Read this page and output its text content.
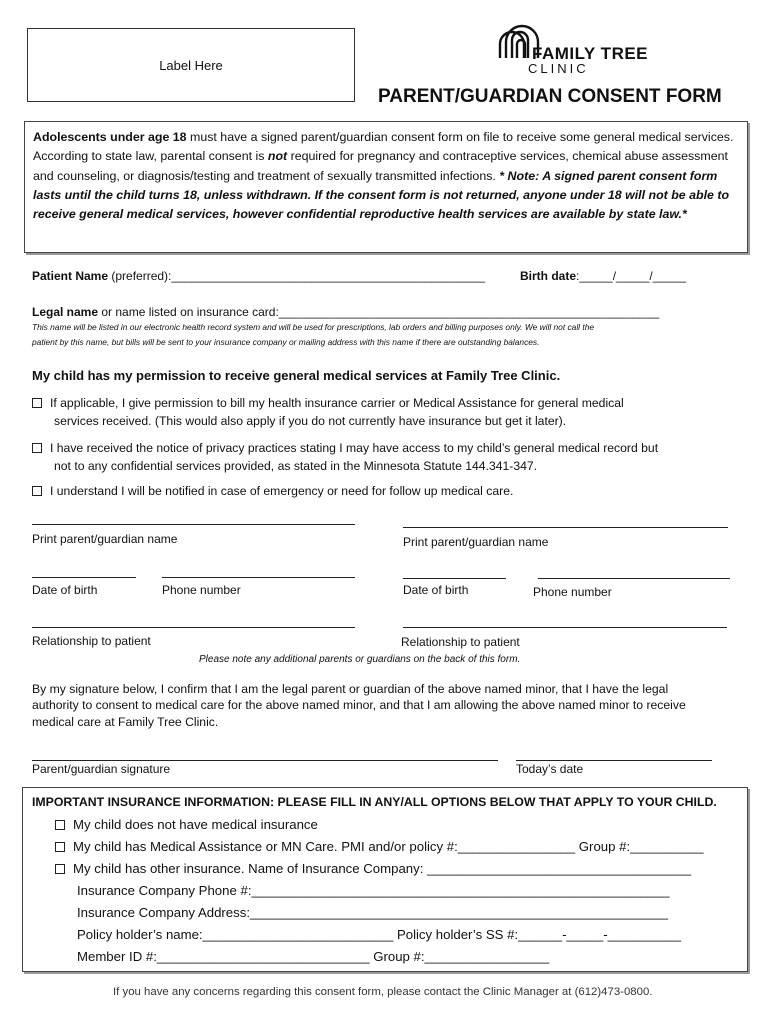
Label Here
FAMILY TREE
CLINIC
PARENT/GUARDIAN CONSENT FORM
Adolescents under age 18 must have a signed parent/guardian consent form on file to receive some general medical services. According to state law, parental consent is not required for pregnancy and contraceptive services, chemical abuse assessment and counseling, or diagnosis/testing and treatment of sexually transmitted infections. * Note: A signed parent consent form lasts until the child turns 18, unless withdrawn. If the consent form is not returned, anyone under 18 will not be able to receive general medical services, however confidential reproductive health services are available by state law.*
Patient Name (preferred):_______________________________________________	Birth date:_____/_____/_____
Legal name or name listed on insurance card:_________________________________________________________
This name will be listed in our electronic health record system and will be used for prescriptions, lab orders and billing purposes only. We will not call the
patient by this name, but bills will be sent to your insurance company or mailing address with this name if there are outstanding balances.
My child has my permission to receive general medical services at Family Tree Clinic.
If applicable, I give permission to bill my health insurance carrier or Medical Assistance for general medical
services received. (This would also apply if you do not currently have insurance but get it later).
I have received the notice of privacy practices stating I may have access to my child’s general medical record but
not to any confidential services provided, as stated in the Minnesota Statute 144.341-347.
I understand I will be notified in case of emergency or need for follow up medical care.
Print parent/guardian name
Date of birth	Phone number
Relationship to patient
Print parent/guardian name
Date of birth	Phone number
Relationship to patient
Please note any additional parents or guardians on the back of this form.
By my signature below, I confirm that I am the legal parent or guardian of the above named minor, that I have the legal
authority to consent to medical care for the above named minor, and that I am allowing the above named minor to receive
medical care at Family Tree Clinic.
Parent/guardian signature	Today’s date
IMPORTANT INSURANCE INFORMATION: PLEASE FILL IN ANY/ALL OPTIONS BELOW THAT APPLY TO YOUR CHILD.
My child does not have medical insurance
My child has Medical Assistance or MN Care. PMI and/or policy #:________________ Group #:__________
My child has other insurance. Name of Insurance Company: ____________________________________
Insurance Company Phone #:_________________________________________________________
Insurance Company Address:_________________________________________________________
Policy holder’s name:__________________________ Policy holder’s SS #:______-_____-__________
Member ID #:_____________________________ Group #:_________________
If you have any concerns regarding this consent form, please contact the Clinic Manager at (612)473-0800.
